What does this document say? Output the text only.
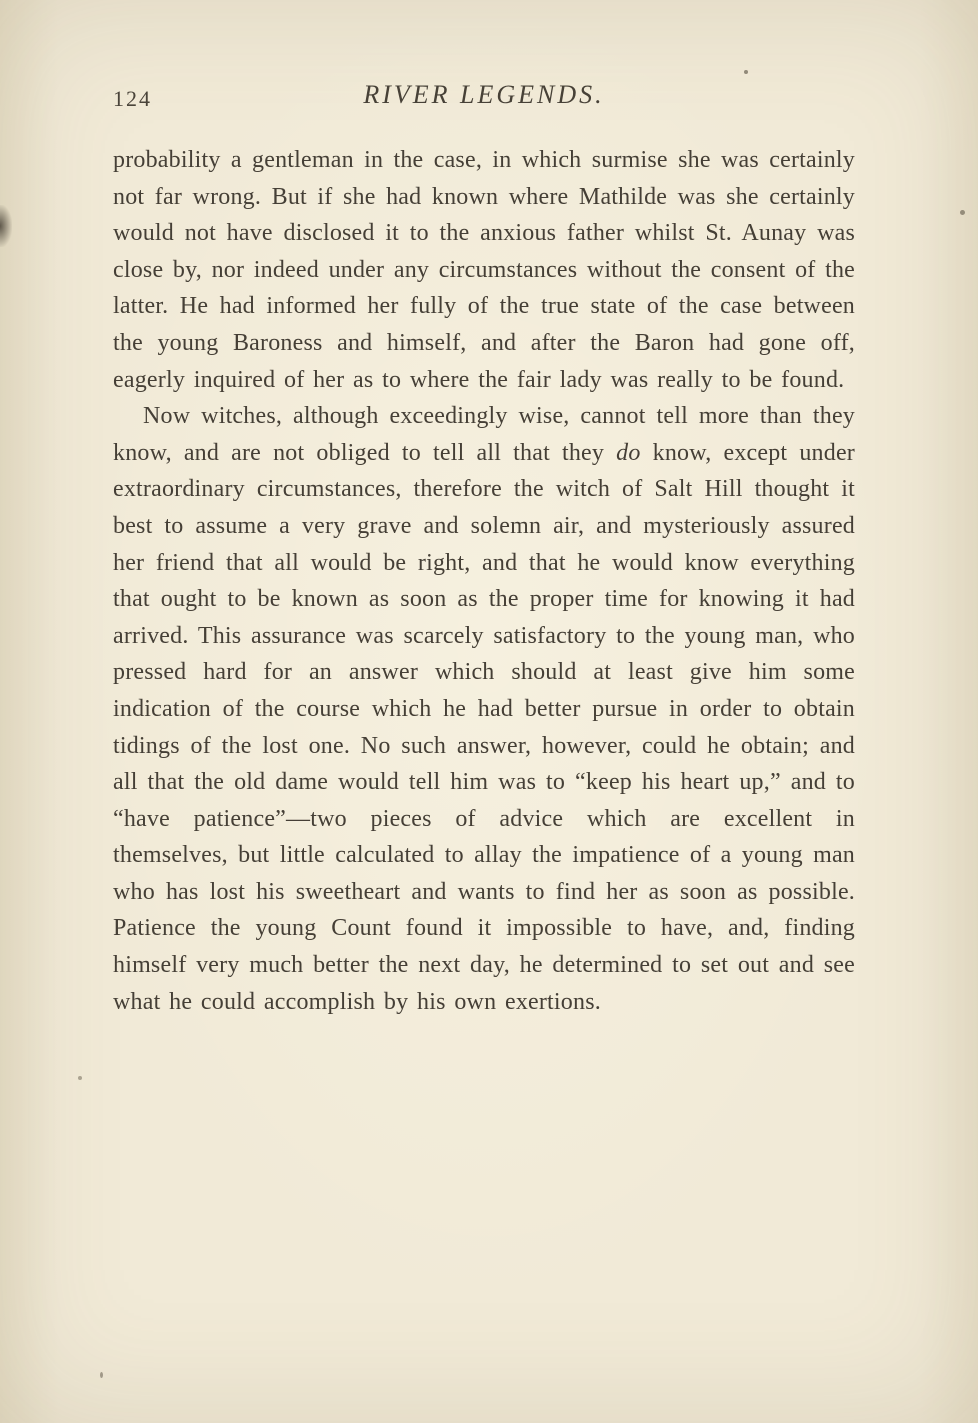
124	RIVER LEGENDS.

probability a gentleman in the case, in which surmise she was certainly not far wrong. But if she had known where Mathilde was she certainly would not have disclosed it to the anxious father whilst St. Aunay was close by, nor indeed under any circumstances without the consent of the latter. He had informed her fully of the true state of the case between the young Baroness and himself, and after the Baron had gone off, eagerly inquired of her as to where the fair lady was really to be found.

Now witches, although exceedingly wise, cannot tell more than they know, and are not obliged to tell all that they do know, except under extraordinary circumstances, therefore the witch of Salt Hill thought it best to assume a very grave and solemn air, and mysteriously assured her friend that all would be right, and that he would know everything that ought to be known as soon as the proper time for knowing it had arrived. This assurance was scarcely satisfactory to the young man, who pressed hard for an answer which should at least give him some indication of the course which he had better pursue in order to obtain tidings of the lost one. No such answer, however, could he obtain; and all that the old dame would tell him was to “keep his heart up,” and to “have patience”—two pieces of advice which are excellent in themselves, but little calculated to allay the impatience of a young man who has lost his sweetheart and wants to find her as soon as possible. Patience the young Count found it impossible to have, and, finding himself very much better the next day, he determined to set out and see what he could accomplish by his own exertions.
